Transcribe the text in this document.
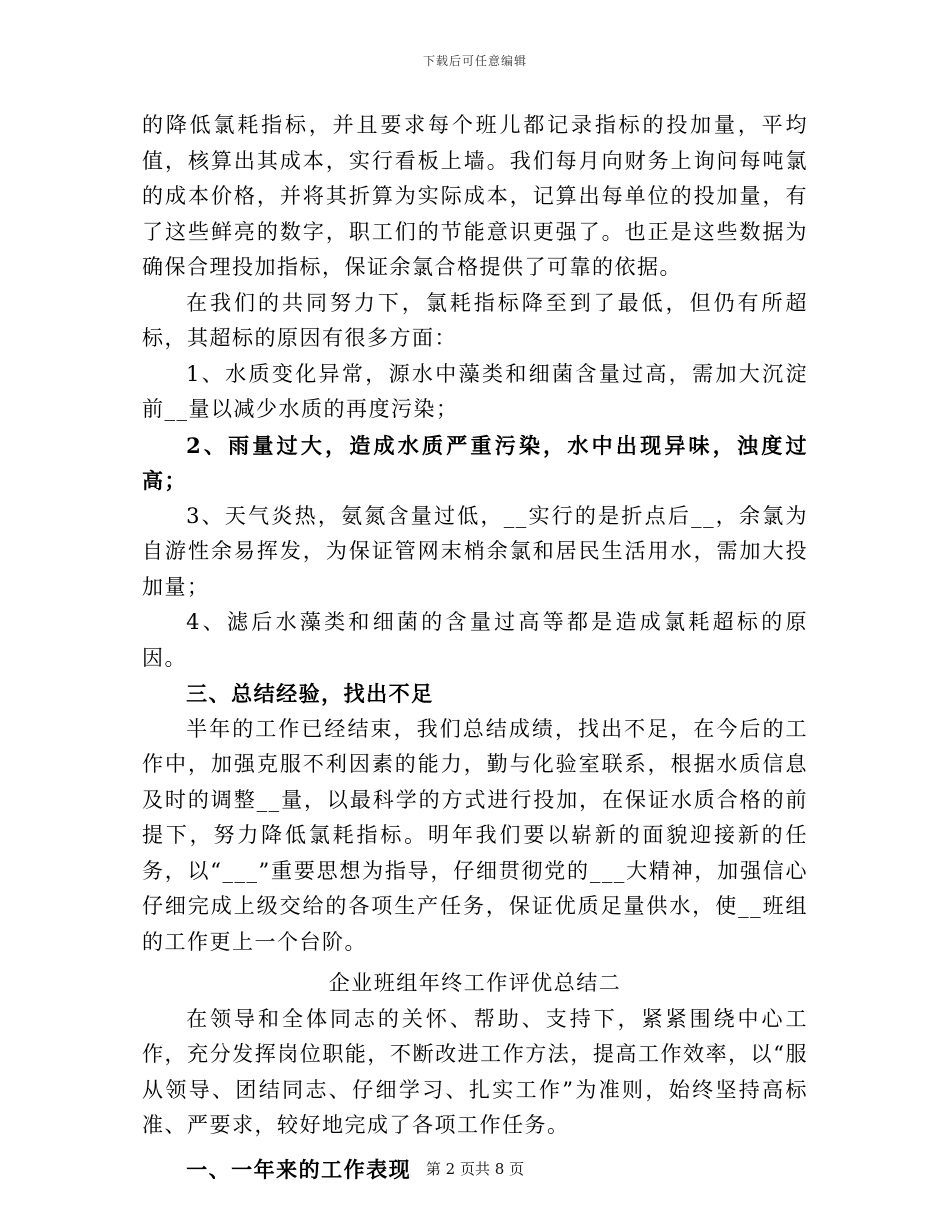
下载后可任意编辑

的降低氯耗指标，并且要求每个班儿都记录指标的投加量，平均值，核算出其成本，实行看板上墙。我们每月向财务上询问每吨氯的成本价格，并将其折算为实际成本，记算出每单位的投加量，有了这些鲜亮的数字，职工们的节能意识更强了。也正是这些数据为确保合理投加指标，保证余氯合格提供了可靠的依据。

在我们的共同努力下，氯耗指标降至到了最低，但仍有所超标，其超标的原因有很多方面：

1、水质变化异常，源水中藻类和细菌含量过高，需加大沉淀前__量以减少水质的再度污染；

2、雨量过大，造成水质严重污染，水中出现异味，浊度过高；

3、天气炎热，氨氮含量过低，__实行的是折点后__，余氯为自游性余易挥发，为保证管网末梢余氯和居民生活用水，需加大投加量；

4、滤后水藻类和细菌的含量过高等都是造成氯耗超标的原因。

三、总结经验，找出不足

半年的工作已经结束，我们总结成绩，找出不足，在今后的工作中，加强克服不利因素的能力，勤与化验室联系，根据水质信息及时的调整__量，以最科学的方式进行投加，在保证水质合格的前提下，努力降低氯耗指标。明年我们要以崭新的面貌迎接新的任务，以“___”重要思想为指导，仔细贯彻党的___大精神，加强信心仔细完成上级交给的各项生产任务，保证优质足量供水，使__班组的工作更上一个台阶。

企业班组年终工作评优总结二

在领导和全体同志的关怀、帮助、支持下，紧紧围绕中心工作，充分发挥岗位职能，不断改进工作方法，提高工作效率，以“服从领导、团结同志、仔细学习、扎实工作”为准则，始终坚持高标准、严要求，较好地完成了各项工作任务。

一、一年来的工作表现 第 2 页共 8 页
